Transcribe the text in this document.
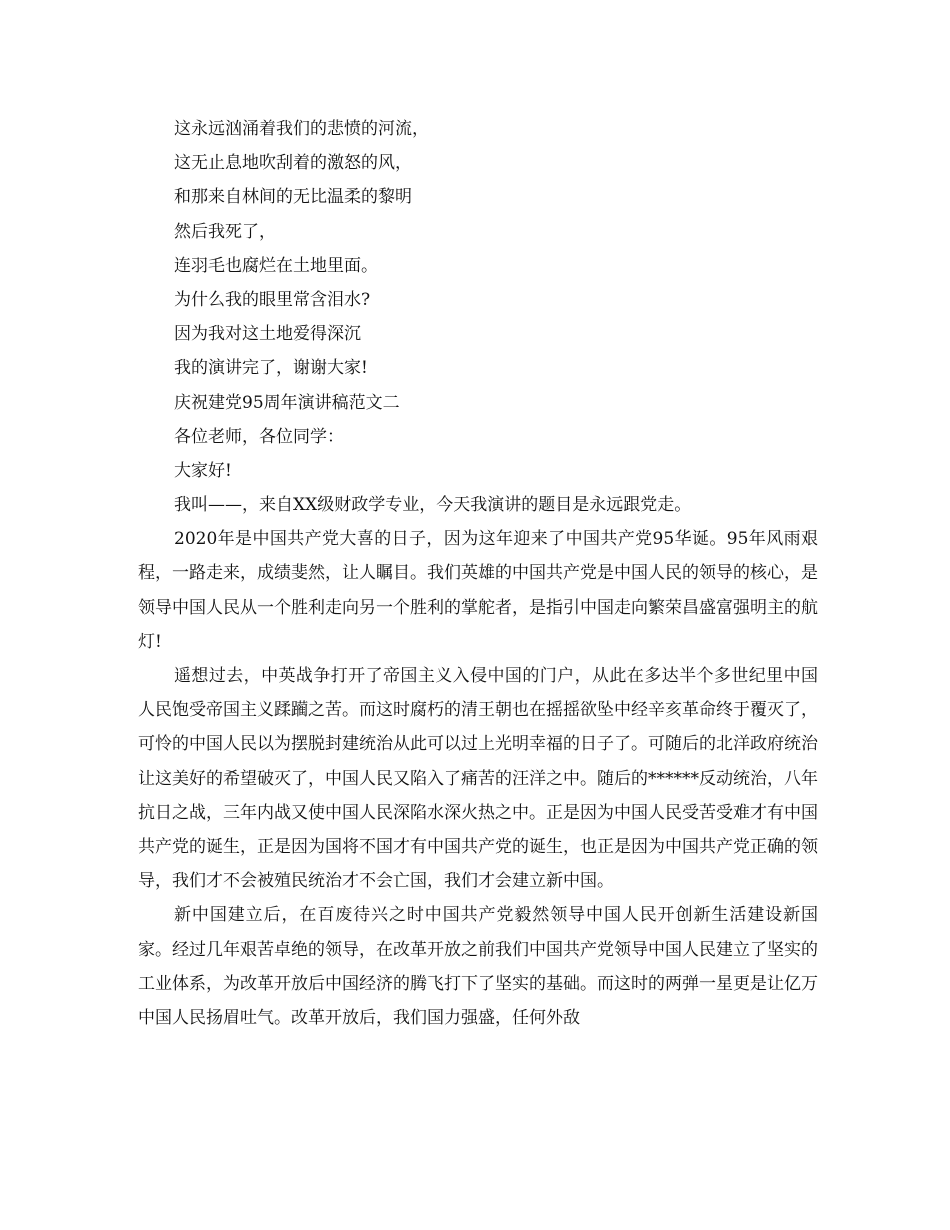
这永远汹涌着我们的悲愤的河流，
这无止息地吹刮着的激怒的风，
和那来自林间的无比温柔的黎明
然后我死了，
连羽毛也腐烂在土地里面。
为什么我的眼里常含泪水?
因为我对这土地爱得深沉
我的演讲完了，谢谢大家!
庆祝建党95周年演讲稿范文二
各位老师，各位同学：
大家好!
我叫——，来自XX级财政学专业，今天我演讲的题目是永远跟党走。

2020年是中国共产党大喜的日子，因为这年迎来了中国共产党95华诞。95年风雨艰程，一路走来，成绩斐然，让人瞩目。我们英雄的中国共产党是中国人民的领导的核心，是领导中国人民从一个胜利走向另一个胜利的掌舵者，是指引中国走向繁荣昌盛富强明主的航灯!

遥想过去，中英战争打开了帝国主义入侵中国的门户，从此在多达半个多世纪里中国人民饱受帝国主义蹂躏之苦。而这时腐朽的清王朝也在摇摇欲坠中经辛亥革命终于覆灭了，可怜的中国人民以为摆脱封建统治从此可以过上光明幸福的日子了。可随后的北洋政府统治让这美好的希望破灭了，中国人民又陷入了痛苦的汪洋之中。随后的******反动统治，八年抗日之战，三年内战又使中国人民深陷水深火热之中。正是因为中国人民受苦受难才有中国共产党的诞生，正是因为国将不国才有中国共产党的诞生，也正是因为中国共产党正确的领导，我们才不会被殖民统治才不会亡国，我们才会建立新中国。

新中国建立后，在百废待兴之时中国共产党毅然领导中国人民开创新生活建设新国家。经过几年艰苦卓绝的领导，在改革开放之前我们中国共产党领导中国人民建立了坚实的工业体系，为改革开放后中国经济的腾飞打下了坚实的基础。而这时的两弹一星更是让亿万中国人民扬眉吐气。改革开放后，我们国力强盛，任何外敌
